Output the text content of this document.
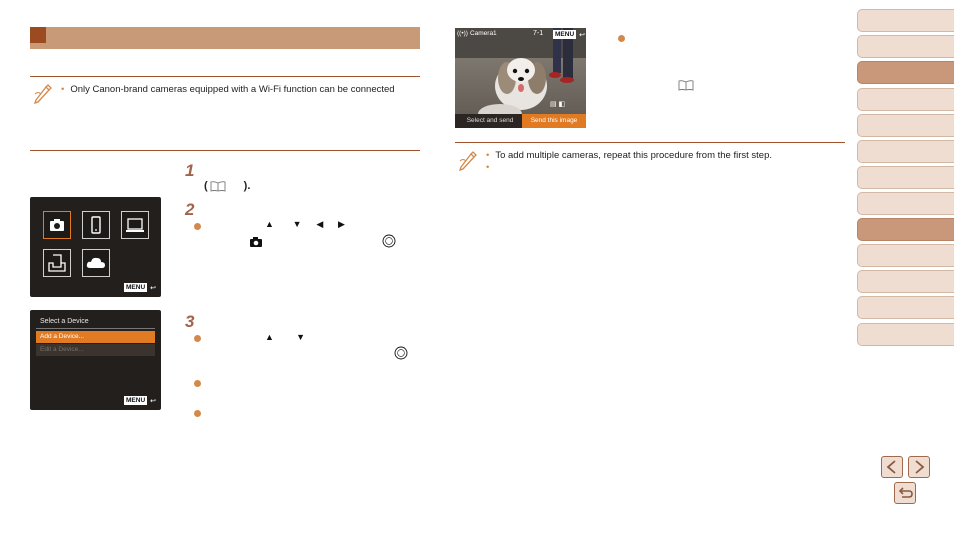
• Only Canon-brand cameras equipped with a Wi-Fi function can be connected
1
(	).
MENU ↩
2
▲ ▼ ◀ ▶
Select a Device
Add a Device...
Edit a Device...
MENU ↩
3
▲ ▼
((•)) Camera1	7-1	MENU ↩
▤ ◧
Select and send	Send this image
• To add multiple cameras, repeat this procedure from the first step.
•
